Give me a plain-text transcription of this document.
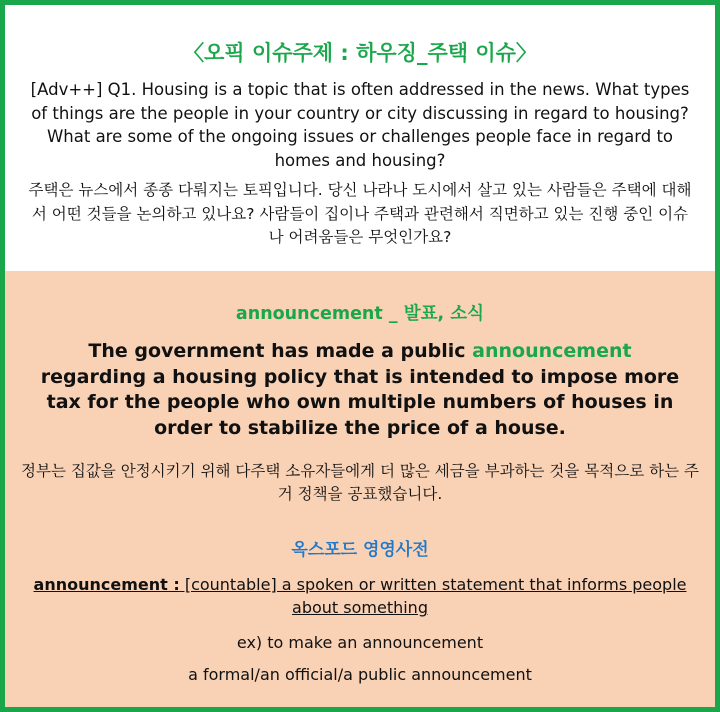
〈오픽 이슈주제 : 하우징_주택 이슈〉
[Adv++] Q1. Housing is a topic that is often addressed in the news. What types of things are the people in your country or city discussing in regard to housing? What are some of the ongoing issues or challenges people face in regard to homes and housing?
주택은 뉴스에서 종종 다뤄지는 토픽입니다. 당신 나라나 도시에서 살고 있는 사람들은 주택에 대해서 어떤 것들을 논의하고 있나요? 사람들이 집이나 주택과 관련해서 직면하고 있는 진행 중인 이슈나 어려움들은 무엇인가요?
announcement _ 발표, 소식
The government has made a public announcement regarding a housing policy that is intended to impose more tax for the people who own multiple numbers of houses in order to stabilize the price of a house.
정부는 집값을 안정시키기 위해 다주택 소유자들에게 더 많은 세금을 부과하는 것을 목적으로 하는 주거 정책을 공표했습니다.
옥스포드 영영사전
announcement : [countable] a spoken or written statement that informs people about something
ex) to make an announcement
a formal/an official/a public announcement
